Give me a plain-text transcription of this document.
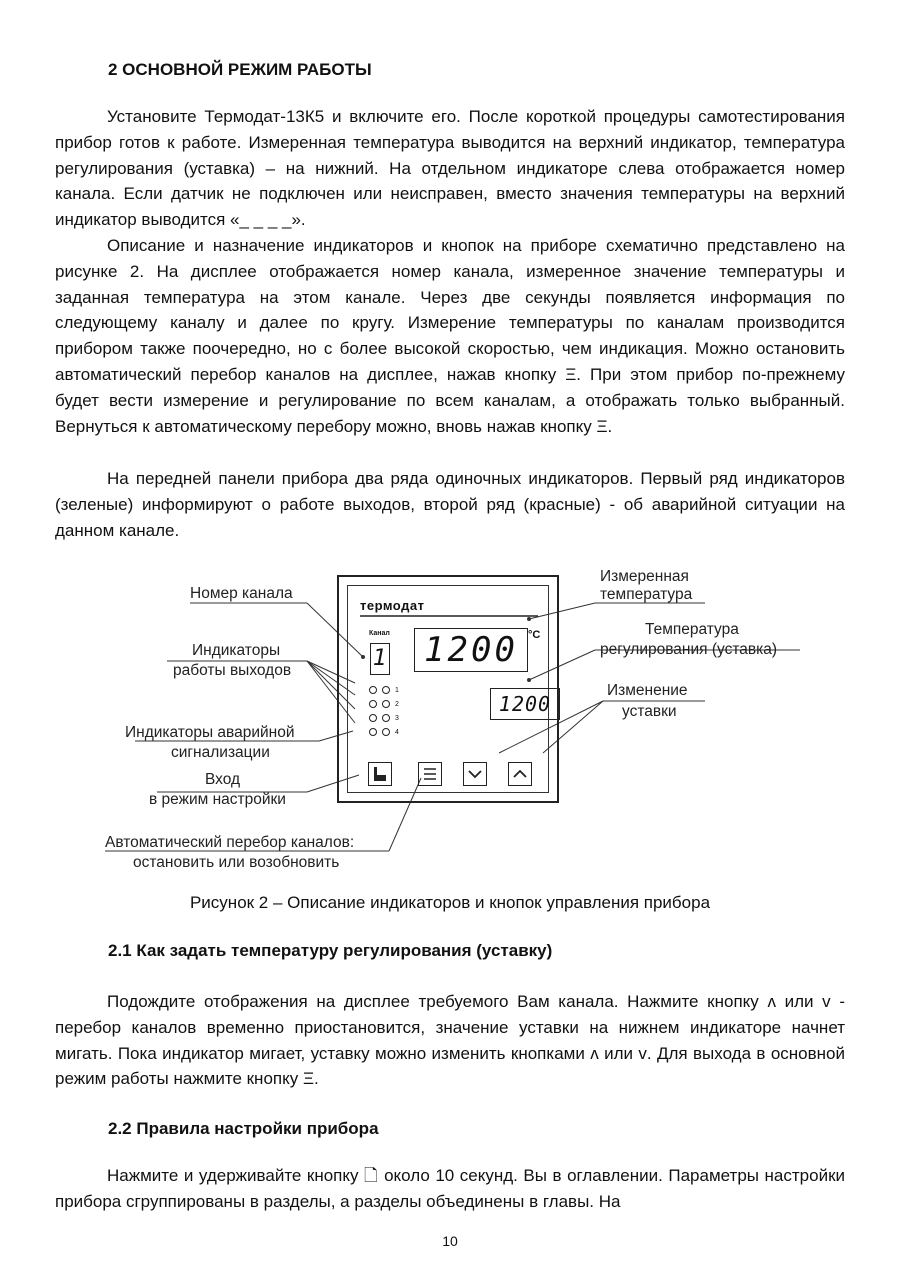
2 ОСНОВНОЙ РЕЖИМ РАБОТЫ

Установите Термодат-13К5 и включите его. После короткой процедуры самотестирования прибор готов к работе. Измеренная температура выводится на верхний индикатор, температура регулирования (уставка) – на нижний. На отдельном индикаторе слева отображается номер канала. Если датчик не подключен или неисправен, вместо значения температуры на верхний индикатор выводится «_ _ _ _».

Описание и назначение индикаторов и кнопок на приборе схематично представлено на рисунке 2. На дисплее отображается номер канала, измеренное значение температуры и заданная температура на этом канале. Через две секунды появляется информация по следующему каналу и далее по кругу. Измерение температуры по каналам производится прибором также поочередно, но с более высокой скоростью, чем индикация. Можно остановить автоматический перебор каналов на дисплее, нажав кнопку Ξ. При этом прибор по-прежнему будет вести измерение и регулирование по всем каналам, а отображать только выбранный. Вернуться к автоматическому перебору можно, вновь нажав кнопку Ξ.

На передней панели прибора два ряда одиночных индикаторов. Первый ряд индикаторов (зеленые) информируют о работе выходов, второй ряд (красные) - об аварийной ситуации на данном канале.

Номер канала
Индикаторы
работы выходов
Индикаторы аварийной
сигнализации
Вход
в режим настройки
Автоматический перебор каналов:
остановить или возобновить
Измеренная
температура
Температура
регулирования (уставка)
Изменение
уставки
термодат
Канал
1 1200 °C
1200
1
2
3
4
Рисунок 2 – Описание индикаторов и кнопок управления прибора
2.1 Как задать температуру регулирования (уставку)

Подождите отображения на дисплее требуемого Вам канала. Нажмите кнопку ʌ или ᴠ - перебор каналов временно приостановится, значение уставки на нижнем индикаторе начнет мигать. Пока индикатор мигает, уставку можно изменить кнопками ʌ или ᴠ. Для выхода в основной режим работы нажмите кнопку Ξ.

2.2 Правила настройки прибора

Нажмите и удерживайте кнопку 🗋 около 10 секунд. Вы в оглавлении. Параметры настройки прибора сгруппированы в разделы, а разделы объединены в главы. На

10
